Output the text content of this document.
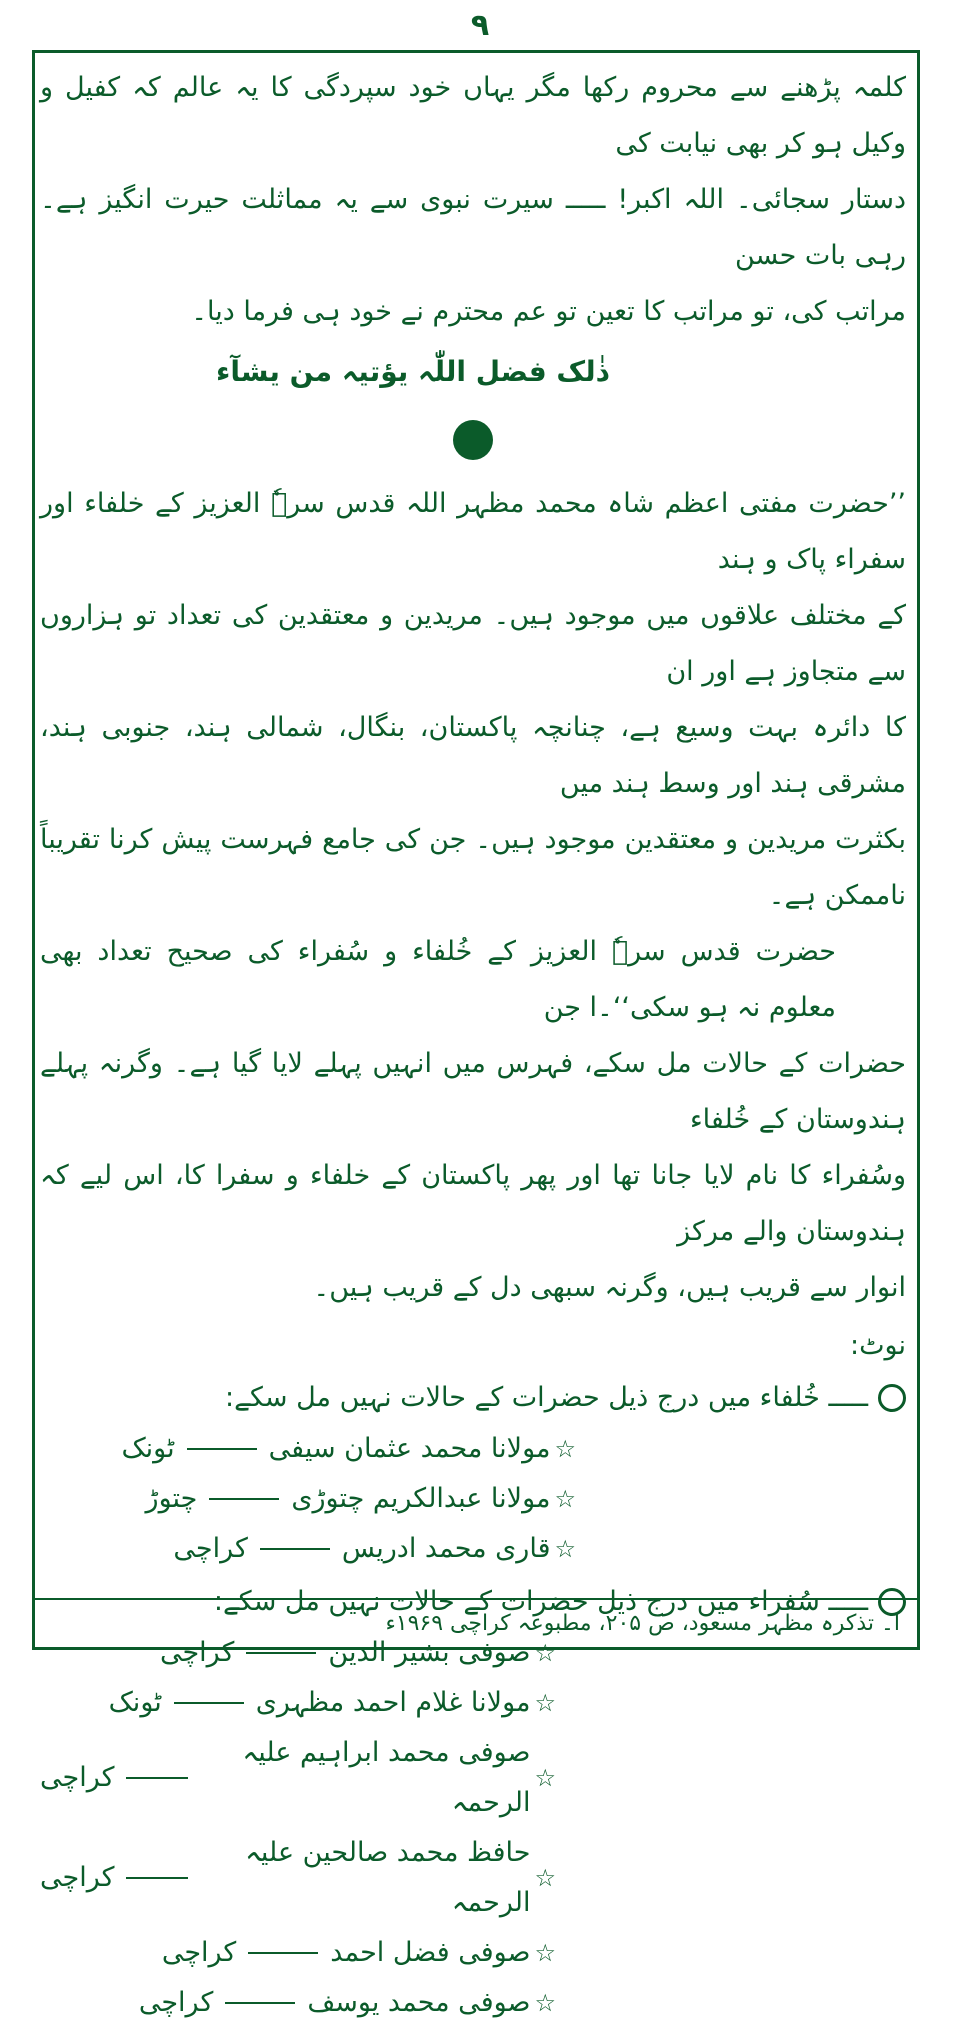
٩

کلمہ پڑھنے سے محروم رکھا مگر یہاں خود سپردگی کا یہ عالم کہ کفیل و وکیل ہو کر بھی نیابت کی

دستار سجائی۔ اللہ اکبر! ـــــ سیرت نبوی سے یہ مماثلت حیرت انگیز ہے۔ رہی بات حسن

مراتب کی، تو مراتب کا تعین تو عم محترم نے خود ہی فرما دیا۔

ذٰلک فضل اللّٰہ یؤتیہ من یشآء

’’حضرت مفتی اعظم شاہ محمد مظہر اللہ قدس سرہٗ العزیز کے خلفاء اور سفراء پاک و ہند

کے مختلف علاقوں میں موجود ہیں۔ مریدین و معتقدین کی تعداد تو ہزاروں سے متجاوز ہے اور ان

کا دائرہ بہت وسیع ہے، چنانچہ پاکستان، بنگال، شمالی ہند، جنوبی ہند، مشرقی ہند اور وسط ہند میں

بکثرت مریدین و معتقدین موجود ہیں۔ جن کی جامع فہرست پیش کرنا تقریباً ناممکن ہے۔

حضرت قدس سرہٗ العزیز کے خُلفاء و سُفراء کی صحیح تعداد بھی معلوم نہ ہو سکی‘‘۔ا جن

حضرات کے حالات مل سکے، فہرس میں انہیں پہلے لایا گیا ہے۔ وگرنہ پہلے ہندوستان کے خُلفاء

وسُفراء کا نام لایا جانا تھا اور پھر پاکستان کے خلفاء و سفرا کا، اس لیے کہ ہندوستان والے مرکز

انوار سے قریب ہیں، وگرنہ سبھی دل کے قریب ہیں۔

نوٹ:
ـــــ خُلفاء میں درج ذیل حضرات کے حالات نہیں مل سکے:
☆
مولانا محمد عثمان سیفی
ٹونک
☆
مولانا عبدالکریم چتوڑی
چتوڑ
☆
قاری محمد ادریس
کراچی
ـــــ سُفراء میں درج ذیل حضرات کے حالات نہیں مل سکے:
☆
صوفی بشیر الدین
کراچی
☆
مولانا غلام احمد مظہری
ٹونک
☆
صوفی محمد ابراہیم علیہ الرحمہ
کراچی
☆
حافظ محمد صالحین علیہ الرحمہ
کراچی
☆
صوفی فضل احمد
کراچی
☆
صوفی محمد یوسف
کراچی
ا۔ تذکرہ مظہر مسعود، ص ۲۰۵، مطبوعہ کراچی ۱۹۶۹ء
